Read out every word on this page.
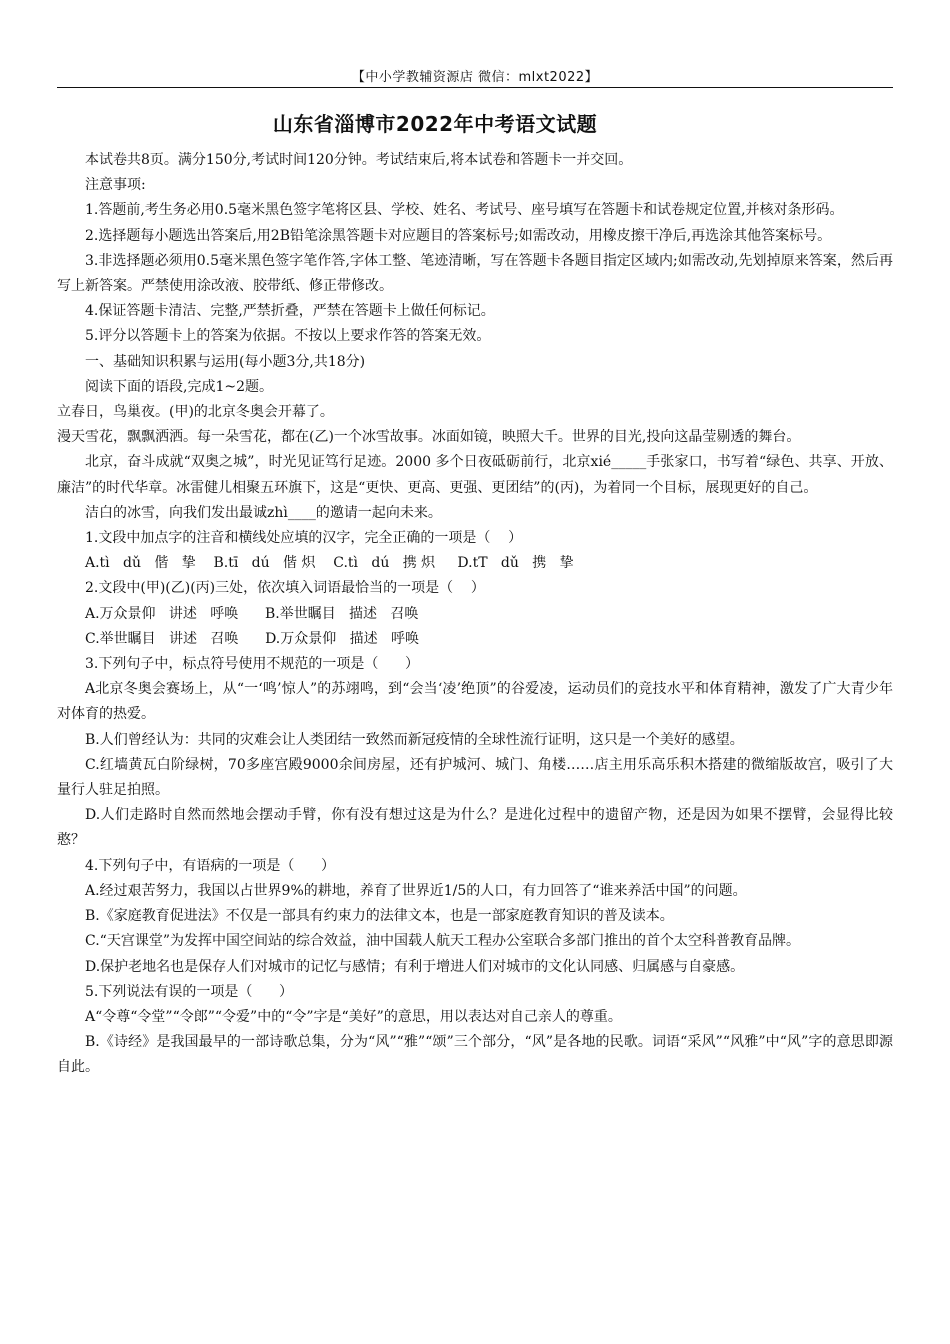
【中小学教辅资源店 微信：mlxt2022】
山东省淄博市2022年中考语文试题

本试卷共8页。满分150分,考试时间120分钟。考试结束后,将本试卷和答题卡一并交回。

注意事项:

1.答题前,考生务必用0.5毫米黑色签字笔将区县、学校、姓名、考试号、座号填写在答题卡和试卷规定位置,并核对条形码。

2.选择题每小题选出答案后,用2B铅笔涂黑答题卡对应题目的答案标号;如需改动，用橡皮擦干净后,再选涂其他答案标号。

3.非选择题必须用0.5毫米黑色签字笔作答,字体工整、笔迹清晰，写在答题卡各题目指定区域内;如需改动,先划掉原来答案，然后再写上新答案。严禁使用涂改液、胶带纸、修正带修改。

4.保证答题卡清洁、完整,严禁折叠，严禁在答题卡上做任何标记。

5.评分以答题卡上的答案为依据。不按以上要求作答的答案无效。

一、基础知识积累与运用(每小题3分,共18分)

阅读下面的语段,完成1~2题。

立春日，鸟巢夜。(甲)的北京冬奥会开幕了。

漫天雪花，飘飘洒洒。每一朵雪花，都在(乙)一个冰雪故事。冰面如镜，映照大千。世界的目光,投向这晶莹剔透的舞台。

北京，奋斗成就“双奥之城”，时光见证笃行足迹。2000 多个日夜砥砺前行，北京xié_____手张家口，书写着“绿色、共享、开放、廉洁”的时代华章。冰雷健儿相聚五环旗下，这是“更快、更高、更强、更团结”的(丙)，为着同一个目标，展现更好的自己。

洁白的冰雪，向我们发出最诚zhì____的邀请一起向未来。

1.文段中加点字的注音和横线处应填的汉字，完全正确的一项是（    ）

A.tì   dǔ   偕   挚    B.tī   dú   偕 炽    C.tì   dú   携 炽     D.tT   dǔ   携   挚

2.文段中(甲)(乙)(丙)三处，依次填入词语最恰当的一项是（    ）

A.万众景仰   讲述   呼唤      B.举世瞩目   描述   召唤

C.举世瞩目   讲述   召唤      D.万众景仰   描述   呼唤

3.下列句子中，标点符号使用不规范的一项是（      ）

A北京冬奥会赛场上，从“一‘鸣’惊人”的苏翊鸣，到“会当‘凌’绝顶”的谷爱凌，运动员们的竞技水平和体育精神，激发了广大青少年对体育的热爱。

B.人们曾经认为：共同的灾难会让人类团结一致然而新冠疫情的全球性流行证明，这只是一个美好的感望。

C.红墙黄瓦白阶绿树，70多座宫殿9000余间房屋，还有护城河、城门、角楼……店主用乐高乐积木搭建的微缩版故宫，吸引了大量行人驻足拍照。

D.人们走路时自然而然地会摆动手臂，你有没有想过这是为什么？是进化过程中的遗留产物，还是因为如果不摆臂，会显得比较憨？

4.下列句子中，有语病的一项是（      ）

A.经过艰苦努力，我国以占世界9%的耕地，养育了世界近1/5的人口，有力回答了“谁来养活中国”的问题。

B.《家庭教育促进法》不仅是一部具有约束力的法律文本，也是一部家庭教育知识的普及读本。

C.“天宫课堂”为发挥中国空间站的综合效益，油中国载人航天工程办公室联合多部门推出的首个太空科普教育品牌。

D.保护老地名也是保存人们对城市的记忆与感情；有利于增进人们对城市的文化认同感、归属感与自豪感。

5.下列说法有误的一项是（      ）

A“令尊“令堂”“令郎”“令爱”中的“令”字是“美好”的意思，用以表达对自己亲人的尊重。

B.《诗经》是我国最早的一部诗歌总集，分为“风”“雅”“颂”三个部分，“风”是各地的民歌。词语“采风”“风雅”中“风”字的意思即源自此。
